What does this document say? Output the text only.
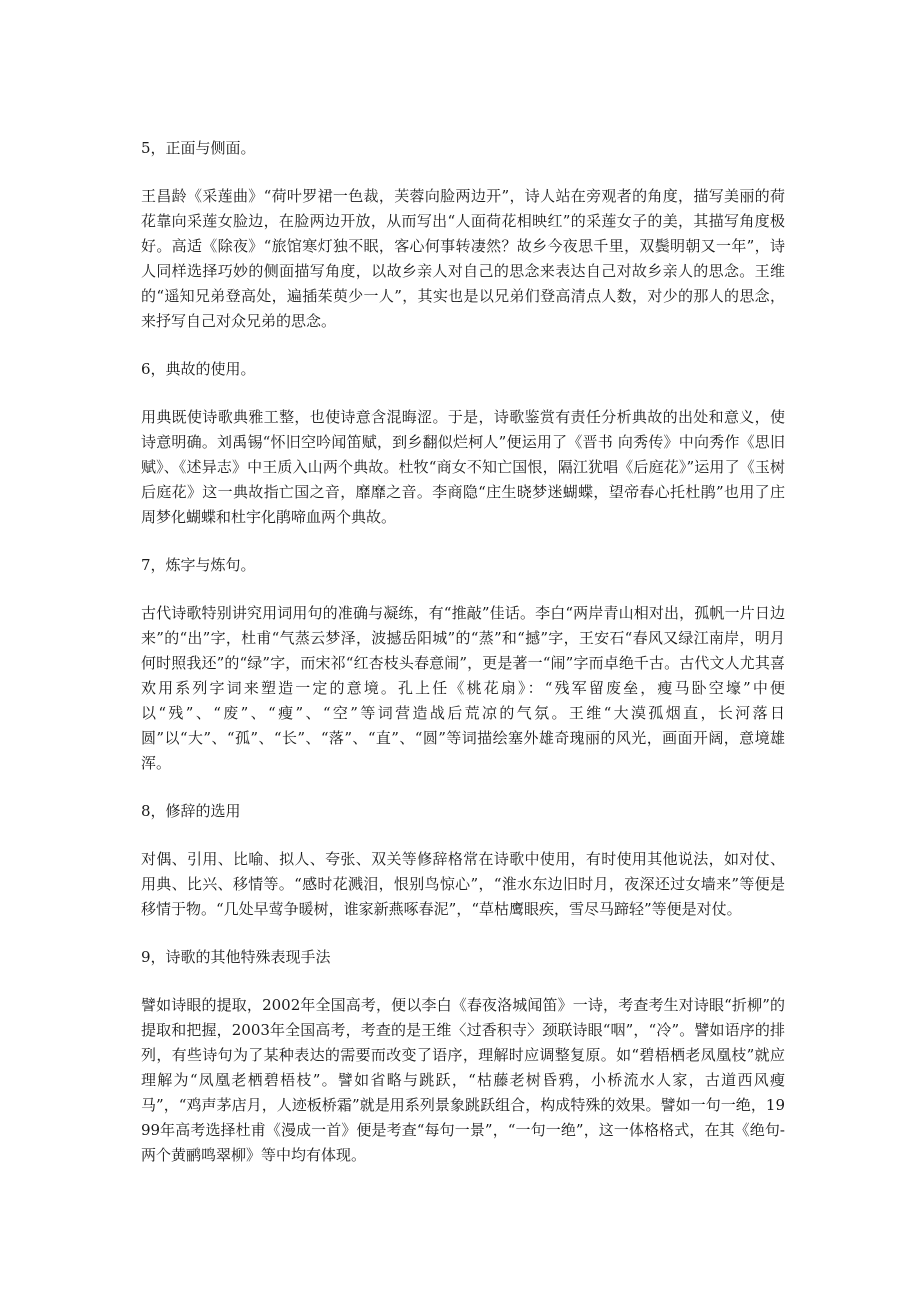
5，正面与侧面。
王昌龄《采莲曲》“荷叶罗裙一色裁，芙蓉向脸两边开”，诗人站在旁观者的角度，描写美丽的荷花靠向采莲女脸边，在脸两边开放，从而写出“人面荷花相映红”的采莲女子的美，其描写角度极好。高适《除夜》“旅馆寒灯独不眠，客心何事转凄然？故乡今夜思千里，双鬓明朝又一年”，诗人同样选择巧妙的侧面描写角度，以故乡亲人对自己的思念来表达自己对故乡亲人的思念。王维的“遥知兄弟登高处，遍插茱萸少一人”，其实也是以兄弟们登高清点人数，对少的那人的思念，来抒写自己对众兄弟的思念。
6，典故的使用。
用典既使诗歌典雅工整，也使诗意含混晦涩。于是，诗歌鉴赏有责任分析典故的出处和意义，使诗意明确。刘禹锡“怀旧空吟闻笛赋，到乡翻似烂柯人”便运用了《晋书 向秀传》中向秀作《思旧赋》、《述异志》中王质入山两个典故。杜牧“商女不知亡国恨，隔江犹唱《后庭花》”运用了《玉树后庭花》这一典故指亡国之音，靡靡之音。李商隐“庄生晓梦迷蝴蝶，望帝春心托杜鹃”也用了庄周梦化蝴蝶和杜宇化鹃啼血两个典故。
7，炼字与炼句。
古代诗歌特别讲究用词用句的准确与凝练，有“推敲”佳话。李白“两岸青山相对出，孤帆一片日边来”的“出”字，杜甫“气蒸云梦泽，波撼岳阳城”的“蒸”和“撼”字，王安石“春风又绿江南岸，明月何时照我还”的“绿”字，而宋祁“红杏枝头春意闹”，更是著一“闹”字而卓绝千古。古代文人尤其喜欢用系列字词来塑造一定的意境。孔上任《桃花扇》：“残军留废垒，瘦马卧空壕”中便以“残”、“废”、“瘦”、“空”等词营造战后荒凉的气氛。王维“大漠孤烟直，长河落日圆”以“大”、“孤”、“长”、“落”、“直”、“圆”等词描绘塞外雄奇瑰丽的风光，画面开阔，意境雄浑。
8，修辞的选用
对偶、引用、比喻、拟人、夸张、双关等修辞格常在诗歌中使用，有时使用其他说法，如对仗、用典、比兴、移情等。“感时花溅泪，恨别鸟惊心”，“淮水东边旧时月，夜深还过女墙来”等便是移情于物。“几处早莺争暖树，谁家新燕啄春泥”，“草枯鹰眼疾，雪尽马蹄轻”等便是对仗。
9，诗歌的其他特殊表现手法
譬如诗眼的提取，2002年全国高考，便以李白《春夜洛城闻笛》一诗，考查考生对诗眼“折柳”的提取和把握，2003年全国高考，考查的是王维〈过香积寺〉颈联诗眼“咽”，“冷”。譬如语序的排列，有些诗句为了某种表达的需要而改变了语序，理解时应调整复原。如“碧梧栖老凤凰枝”就应理解为“凤凰老栖碧梧枝”。譬如省略与跳跃，“枯藤老树昏鸦，小桥流水人家，古道西风瘦马”，“鸡声茅店月，人迹板桥霜”就是用系列景象跳跃组合，构成特殊的效果。譬如一句一绝，1999年高考选择杜甫《漫成一首》便是考查“每句一景”，“一句一绝”，这一体格格式，在其《绝句-两个黄鹂鸣翠柳》等中均有体现。
